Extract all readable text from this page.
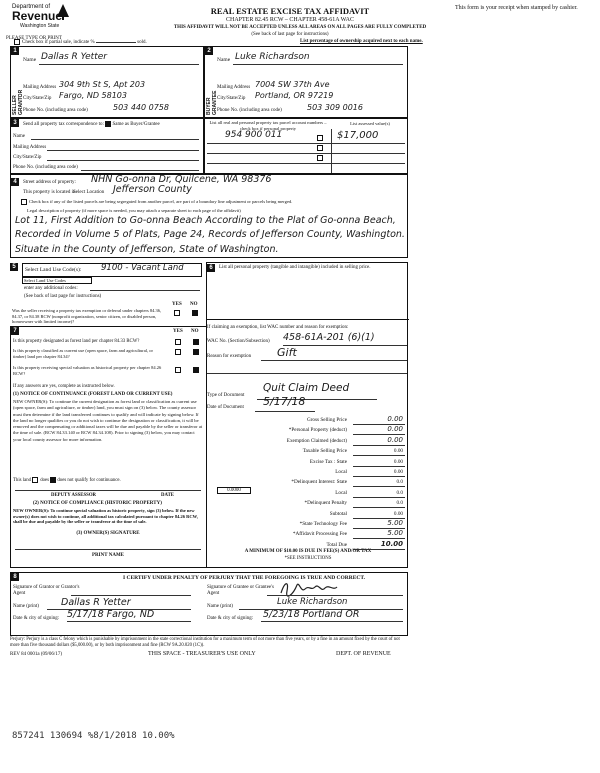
Department of
Revenue
Washington State
PLEASE TYPE OR PRINT
REAL ESTATE EXCISE TAX AFFIDAVIT
CHAPTER 82.45 RCW – CHAPTER 458-61A WAC
THIS AFFIDAVIT WILL NOT BE ACCEPTED UNLESS ALL AREAS ON ALL PAGES ARE FULLY COMPLETED
(See back of last page for instructions)
This form is your receipt when stamped by cashier.
Check box if partial sale, indicate %	sold.	List percentage of ownership acquired next to each name.
1
SELLER GRANTOR
Name Dallas R Yetter
Mailing Address 304 9th St S, Apt 203
City/State/Zip Fargo, ND 58103
Phone No. (including area code)	503 440 0758
2
BUYER GRANTEE
Name Luke Richardson
Mailing Address 7004 SW 37th Ave
City/State/Zip Portland, OR 97219
Phone No. (including area code)	503 309 0016
3	Send all property tax correspondence to: Same as Buyer/Grantee
Name
Mailing Address
City/State/Zip
Phone No. (including area code)
List all real and personal property tax parcel account numbers – check box if personal property
List assessed value(s)
954 900 011	$17,000
4	Street address of property: NHN Go-onna Dr, Quilcene, WA 98376
This property is located in
Select Location Jefferson County
Check box if any of the listed parcels are being segregated from another parcel, are part of a boundary line adjustment or parcels being merged.
Legal description of property (if more space is needed, you may attach a separate sheet to each page of the affidavit)
Lot 11, First Addition to Go-onna Beach According to the Plat of Go-onna Beach,
Recorded in Volume 5 of Plats, Page 24, Records of Jefferson County, Washington.
Situate in the County of Jefferson, State of Washington.
5	Select Land Use Code(s): 9100 - Vacant Land
Select Land Use Codes
enter any additional codes:
(See back of last page for instructions)
YES NO
Was the seller receiving a property tax exemption or deferral under chapters 84.36, 84.37, or 84.38 RCW (nonprofit organization, senior citizen, or disabled person, homeowner with limited income)?
7	YES NO
Is this property designated as forest land per chapter 84.33 RCW?
Is this property classified as current use (open space, farm and agricultural, or timber) land per chapter 84.34?
Is this property receiving special valuation as historical property per chapter 84.26 RCW?
If any answers are yes, complete as instructed below.
(1) NOTICE OF CONTINUANCE (FOREST LAND OR CURRENT USE)
NEW OWNER(S): To continue the current designation as forest land or classification as current use (open space, farm and agriculture, or timber) land, you must sign on (3) below. The county assessor must then determine if the land transferred continues to qualify and will indicate by signing below. If the land no longer qualifies or you do not wish to continue the designation or classification, it will be removed and the compensating or additional taxes will be due and payable by the seller or transferor at the time of sale. (RCW 84.33.140 or RCW 84.34.108). Prior to signing (3) below, you may contact your local county assessor for more information.
This land does does not qualify for continuance.
DEPUTY ASSESSOR	DATE
(2) NOTICE OF COMPLIANCE (HISTORIC PROPERTY)
NEW OWNER(S): To continue special valuation as historic property, sign (3) below. If the new owner(s) does not wish to continue, all additional tax calculated pursuant to chapter 84.26 RCW, shall be due and payable by the seller or transferor at the time of sale.
(3) OWNER(S) SIGNATURE
PRINT NAME
6	List all personal property (tangible and intangible) included in selling price.
If claiming an exemption, list WAC number and reason for exemption:
WAC No. (Section/Subsection) 458-61A-201 (6)(1)
Reason for exemption Gift
Type of Document
Quit Claim Deed
Date of Document 5/17/18
0.0000
A MINIMUM OF $10.00 IS DUE IN FEE(S) AND/OR TAX
*SEE INSTRUCTIONS
Gross Selling Price	0.00
*Personal Property (deduct)	0.00
Exemption Claimed (deduct)	0.00
Taxable Selling Price	0.00
Excise Tax : State	0.00
Local	0.00
*Delinquent Interest: State	0.0
Local	0.0
*Delinquent Penalty	0.0
Subtotal	0.00
*State Technology Fee	5.00
*Affidavit Processing Fee	5.00
Total Due	10.00
8	I CERTIFY UNDER PENALTY OF PERJURY THAT THE FOREGOING IS TRUE AND CORRECT.
Signature of Grantor or Grantor's Agent
Signature of Grantee or Grantee's Agent
Name (print) Dallas R Yetter	Name (print)	Luke Richardson
Date & city of signing: 5/17/18 Fargo, ND	Date & city of signing: 5/23/18 Portland OR
Perjury: Perjury is a class C felony which is punishable by imprisonment in the state correctional institution for a maximum term of not more than five years, or by a fine in an amount fixed by the court of not more than five thousand dollars ($5,000.00), or by both imprisonment and fine (RCW 9A.20.020 (1C)).
REV 84 0001a (09/06/17)	THIS SPACE - TREASURER'S USE ONLY	DEPT. OF REVENUE
857241 130694 %8/1/2018 10.00%
